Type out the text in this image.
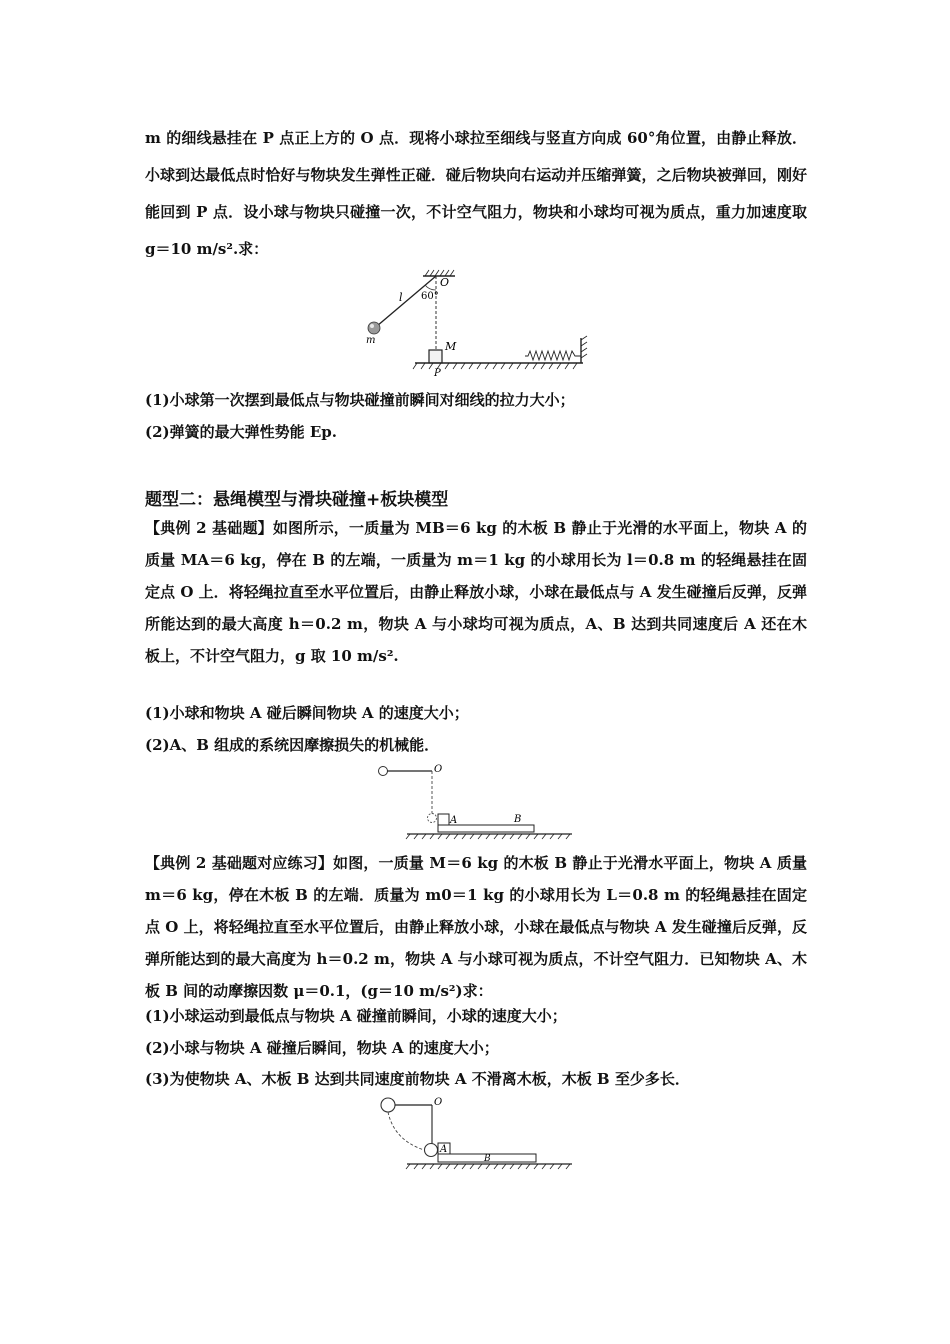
m 的细线悬挂在 P 点正上方的 O 点．现将小球拉至细线与竖直方向成 60°角位置，由静止释放．小球到达最低点时恰好与物块发生弹性正碰．碰后物块向右运动并压缩弹簧，之后物块被弹回，刚好能回到 P 点．设小球与物块只碰撞一次，不计空气阻力，物块和小球均可视为质点，重力加速度取 g＝10 m/s².求：
O
60°
l
m	M
P
(1)小球第一次摆到最低点与物块碰撞前瞬间对细线的拉力大小；
(2)弹簧的最大弹性势能 Ep.
题型二：悬绳模型与滑块碰撞+板块模型
【典例 2 基础题】如图所示，一质量为 MB＝6 kg 的木板 B 静止于光滑的水平面上，物块 A 的质量 MA＝6 kg，停在 B 的左端，一质量为 m＝1 kg 的小球用长为 l＝0.8 m 的轻绳悬挂在固定点 O 上．将轻绳拉直至水平位置后，由静止释放小球，小球在最低点与 A 发生碰撞后反弹，反弹所能达到的最大高度 h＝0.2 m，物块 A 与小球均可视为质点，A、B 达到共同速度后 A 还在木板上，不计空气阻力，g 取 10 m/s².
(1)小球和物块 A 碰后瞬间物块 A 的速度大小；
(2)A、B 组成的系统因摩擦损失的机械能．
O
A	B
【典例 2 基础题对应练习】如图，一质量 M＝6 kg 的木板 B 静止于光滑水平面上，物块 A 质量 m＝6 kg，停在木板 B 的左端．质量为 m0＝1 kg 的小球用长为 L＝0.8 m 的轻绳悬挂在固定点 O 上，将轻绳拉直至水平位置后，由静止释放小球，小球在最低点与物块 A 发生碰撞后反弹，反弹所能达到的最大高度为 h＝0.2 m，物块 A 与小球可视为质点，不计空气阻力．已知物块 A、木板 B 间的动摩擦因数 μ＝0.1，(g＝10 m/s²)求：
(1)小球运动到最低点与物块 A 碰撞前瞬间，小球的速度大小；
(2)小球与物块 A 碰撞后瞬间，物块 A 的速度大小；
(3)为使物块 A、木板 B 达到共同速度前物块 A 不滑离木板，木板 B 至少多长．
O
A
B
